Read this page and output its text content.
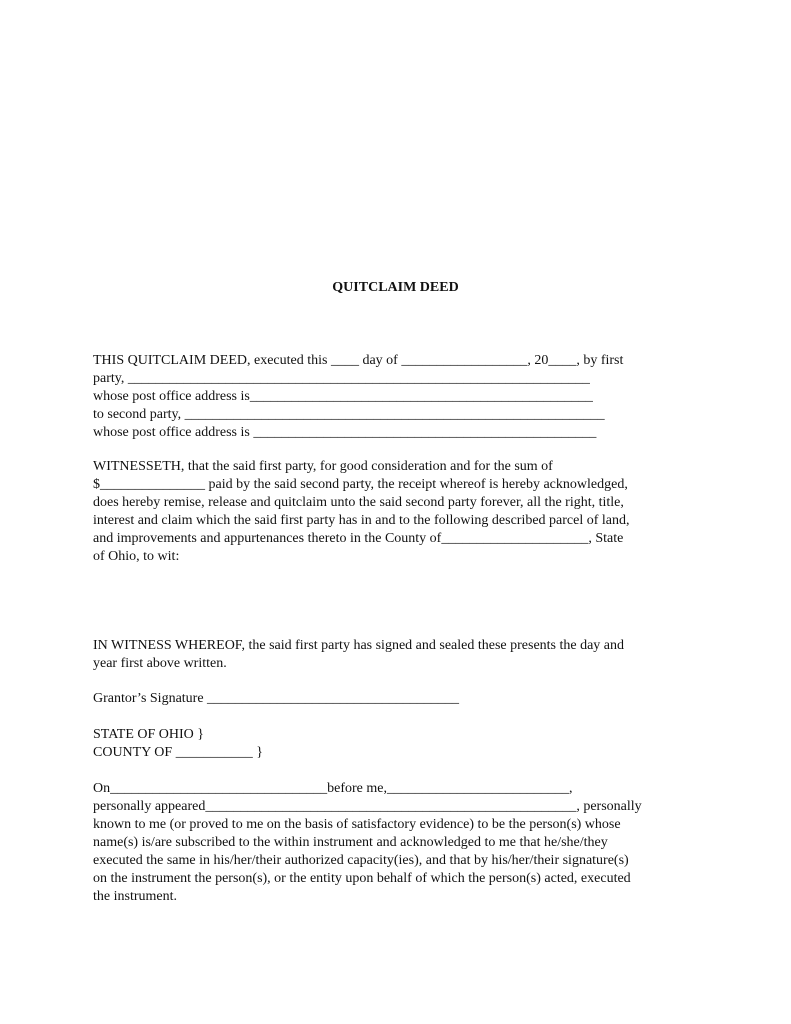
QUITCLAIM DEED
THIS QUITCLAIM DEED, executed this ____ day of __________________, 20____, by first
party, __________________________________________________________________
whose post office address is_________________________________________________
to second party, ____________________________________________________________
whose post office address is _________________________________________________
WITNESSETH, that the said first party, for good consideration and for the sum of
$_______________ paid by the said second party, the receipt whereof is hereby acknowledged,
does hereby remise, release and quitclaim unto the said second party forever, all the right, title,
interest and claim which the said first party has in and to the following described parcel of land,
and improvements and appurtenances thereto in the County of_____________________, State
of Ohio, to wit:
IN WITNESS WHEREOF, the said first party has signed and sealed these presents the day and
year first above written.
Grantor’s Signature ____________________________________
STATE OF OHIO }
COUNTY OF ___________ }
On_______________________________before me,__________________________,
personally appeared_____________________________________________________, personally
known to me (or proved to me on the basis of satisfactory evidence) to be the person(s) whose
name(s) is/are subscribed to the within instrument and acknowledged to me that he/she/they
executed the same in his/her/their authorized capacity(ies), and that by his/her/their signature(s)
on the instrument the person(s), or the entity upon behalf of which the person(s) acted, executed
the instrument.
